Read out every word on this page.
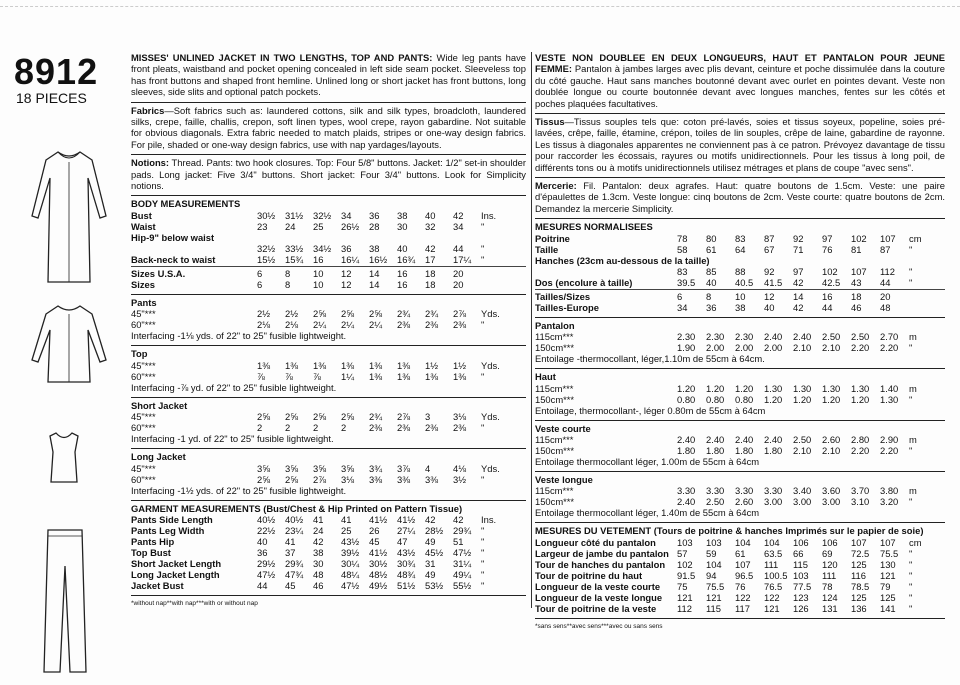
8912
18 PIECES
MISSES' UNLINED JACKET IN TWO LENGTHS, TOP AND PANTS: Wide leg pants have front pleats, waistband and pocket opening concealed in left side seam pocket. Sleeveless top has front buttons and shaped front hemline. Unlined long or short jacket has front buttons, long sleeves, side slits and optional patch pockets.
Fabrics—Soft fabrics such as: laundered cottons, silk and silk types, broadcloth, laundered silks, crepe, faille, challis, crepon, soft linen types, wool crepe, rayon gabardine. Not suitable for obvious diagonals. Extra fabric needed to match plaids, stripes or one-way design fabrics. For pile, shaded or one-way design fabrics, use with nap yardages/layouts.
Notions: Thread. Pants: two hook closures. Top: Four 5/8" buttons. Jacket: 1/2" set-in shoulder pads. Long jacket: Five 3/4" buttons. Short jacket: Four 3/4" buttons. Look for Simplicity notions.
BODY MEASUREMENTS
Bust	30½	31½	32½	34	36	38	40	42	Ins.
Waist	23	24	25	26½	28	30	32	34	"
Hip-9" below waist
32½	33½	34½	36	38	40	42	44	"
Back-neck to waist	15½	15¾	16	16¼	16½	16¾	17	17¼	"
Sizes U.S.A.	6	8	10	12	14	16	18	20
Sizes	6	8	10	12	14	16	18	20
Pants
45"***	2½	2½	2⅝	2⅝	2⅝	2¾	2¾	2⅞	Yds.
60"***	2⅛	2⅛	2¼	2¼	2¼	2⅜	2⅜	2⅜	"
Interfacing -1⅛ yds. of 22" to 25" fusible lightweight.
Top
45"***	1⅜	1⅜	1⅜	1⅜	1⅜	1⅜	1½	1½	Yds.
60"***	⅞	⅞	⅞	1¼	1⅜	1⅜	1⅜	1⅜	"
Interfacing -⅞ yd. of 22" to 25" fusible lightweight.
Short Jacket
45"***	2⅝	2⅝	2⅝	2⅝	2¾	2⅞	3	3⅛	Yds.
60"***	2	2	2	2	2⅜	2⅜	2⅜	2⅜	"
Interfacing -1 yd. of 22" to 25" fusible lightweight.
Long Jacket
45"***	3⅝	3⅝	3⅝	3⅝	3¾	3⅞	4	4⅛	Yds.
60"***	2⅝	2⅝	2⅞	3⅛	3⅜	3⅜	3⅜	3½	"
Interfacing -1½ yds. of 22" to 25" fusible lightweight.
GARMENT MEASUREMENTS (Bust/Chest & Hip Printed on Pattern Tissue)
Pants Side Length	40½	40½	41	41	41½	41½	42	42	Ins.
Pants Leg Width	22½	23¼	24	25	26	27¼	28½	29¾	"
Pants Hip	40	41	42	43½	45	47	49	51	"
Top Bust	36	37	38	39½	41½	43½	45½	47½	"
Short Jacket Length	29½	29¾	30	30¼	30½	30¾	31	31¼	"
Long Jacket Length	47½	47¾	48	48¼	48½	48¾	49	49¼	"
Jacket Bust	44	45	46	47½	49½	51½	53½	55½	"
*without nap**with nap***with or without nap
VESTE NON DOUBLEE EN DEUX LONGUEURS, HAUT ET PANTALON POUR JEUNE FEMME: Pantalon à jambes larges avec plis devant, ceinture et poche dissimulée dans la couture du côté gauche. Haut sans manches boutonné devant avec ourlet en pointes devant. Veste non doublée longue ou courte boutonnée devant avec longues manches, fentes sur les côtés et poches plaquées facultatives.
Tissus—Tissus souples tels que: coton pré-lavés, soies et tissus soyeux, popeline, soies pré-lavées, crêpe, faille, étamine, crépon, toiles de lin souples, crêpe de laine, gabardine de rayonne. Les tissus à diagonales apparentes ne conviennent pas à ce patron. Prévoyez davantage de tissu pour raccorder les écossais, rayures ou motifs unidirectionnels. Pour les tissus à long poil, de différents tons ou à motifs unidirectionnels utilisez métrages et plans de coupe "avec sens".
Mercerie: Fil. Pantalon: deux agrafes. Haut: quatre boutons de 1.5cm. Veste: une paire d'épaulettes de 1.3cm. Veste longue: cinq boutons de 2cm. Veste courte: quatre boutons de 2cm. Demandez la mercerie Simplicity.
MESURES NORMALISEES
Poitrine	78	80	83	87	92	97	102	107	cm
Taille	58	61	64	67	71	76	81	87	"
Hanches (23cm au-dessous de la taille)
83	85	88	92	97	102	107	112	"
Dos (encolure à taille)	39.5	40	40.5	41.5	42	42.5	43	44	"
Tailles/Sizes	6	8	10	12	14	16	18	20
Tailles-Europe	34	36	38	40	42	44	46	48
Pantalon
115cm***	2.30	2.30	2.30	2.40	2.40	2.50	2.50	2.70	m
150cm***	1.90	2.00	2.00	2.00	2.10	2.10	2.20	2.20	"
Entoilage -thermocollant, léger,1.10m de 55cm à 64cm.
Haut
115cm***	1.20	1.20	1.20	1.30	1.30	1.30	1.30	1.40	m
150cm***	0.80	0.80	0.80	1.20	1.20	1.20	1.20	1.30	"
Entoilage, thermocollant-, léger 0.80m de 55cm à 64cm
Veste courte
115cm***	2.40	2.40	2.40	2.40	2.50	2.60	2.80	2.90	m
150cm***	1.80	1.80	1.80	1.80	2.10	2.10	2.20	2.20	"
Entoilage thermocollant léger, 1.00m de 55cm à 64cm
Veste longue
115cm***	3.30	3.30	3.30	3.30	3.40	3.60	3.70	3.80	m
150cm***	2.40	2.50	2.60	3.00	3.00	3.00	3.10	3.20	"
Entoilage thermocollant léger, 1.40m de 55cm à 64cm
MESURES DU VETEMENT (Tours de poitrine & hanches Imprimés sur le papier de soie)
Longueur côté du pantalon	103	103	104	104	106	106	107	107	cm
Largeur de jambe du pantalon 57	59	61	63.5	66	69	72.5	75.5	"
Tour de hanches du pantalon	102	104	107	111	115	120	125	130	"
Tour de poitrine du haut	91.5	94	96.5	100.5 103	111	116	121	"
Longueur de la veste courte	75	75.5	76	76.5	77.5	78	78.5	79	"
Longueur de la veste longue	121	121	122	122	123	124	125	125	"
Tour de poitrine de la veste	112	115	117	121	126	131	136	141	"
*sans sens**avec sens***avec ou sans sens
